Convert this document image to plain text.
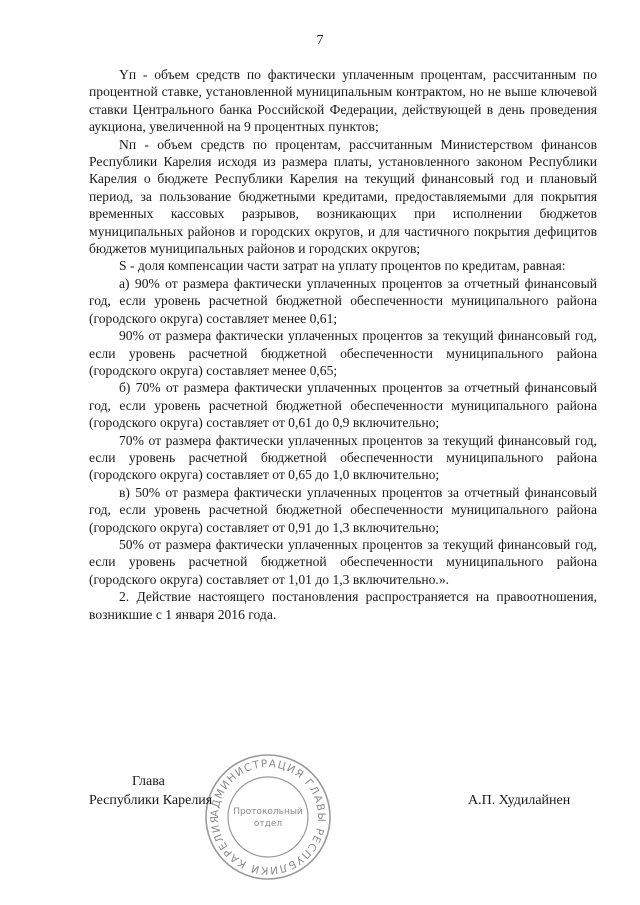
7

Yп - объем средств по фактически уплаченным процентам, рассчитанным по процентной ставке, установленной муниципальным контрактом, но не выше ключевой ставки Центрального банка Российской Федерации, действующей в день проведения аукциона, увеличенной на 9 процентных пунктов;

Nп - объем средств по процентам, рассчитанным Министерством финансов Республики Карелия исходя из размера платы, установленного законом Республики Карелия о бюджете Республики Карелия на текущий финансовый год и плановый период, за пользование бюджетными кредитами, предоставляемыми для покрытия временных кассовых разрывов, возникающих при исполнении бюджетов муниципальных районов и городских округов, и для частичного покрытия дефицитов бюджетов муниципальных районов и городских округов;

S - доля компенсации части затрат на уплату процентов по кредитам, равная:

а) 90% от размера фактически уплаченных процентов за отчетный финансовый год, если уровень расчетной бюджетной обеспеченности муниципального района (городского округа) составляет менее 0,61;

90% от размера фактически уплаченных процентов за текущий финансовый год, если уровень расчетной бюджетной обеспеченности муниципального района (городского округа) составляет менее 0,65;

б) 70% от размера фактически уплаченных процентов за отчетный финансовый год, если уровень расчетной бюджетной обеспеченности муниципального района (городского округа) составляет от 0,61 до 0,9 включительно;

70% от размера фактически уплаченных процентов за текущий финансовый год, если уровень расчетной бюджетной обеспеченности муниципального района (городского округа) составляет от 0,65 до 1,0 включительно;

в) 50% от размера фактически уплаченных процентов за отчетный финансовый год, если уровень расчетной бюджетной обеспеченности муниципального района (городского округа) составляет от 0,91 до 1,3 включительно;

50% от размера фактически уплаченных процентов за текущий финансовый год, если уровень расчетной бюджетной обеспеченности муниципального района (городского округа) составляет от 1,01 до 1,3 включительно.».

2. Действие настоящего постановления распространяется на правоотношения, возникшие с 1 января 2016 года.

АДМИНИСТРАЦИЯ ГЛАВЫ РЕСПУБЛИКИ КАРЕЛИЯ
Протокольный
отдел
Глава
Республики Карелия	А.П. Худилайнен
